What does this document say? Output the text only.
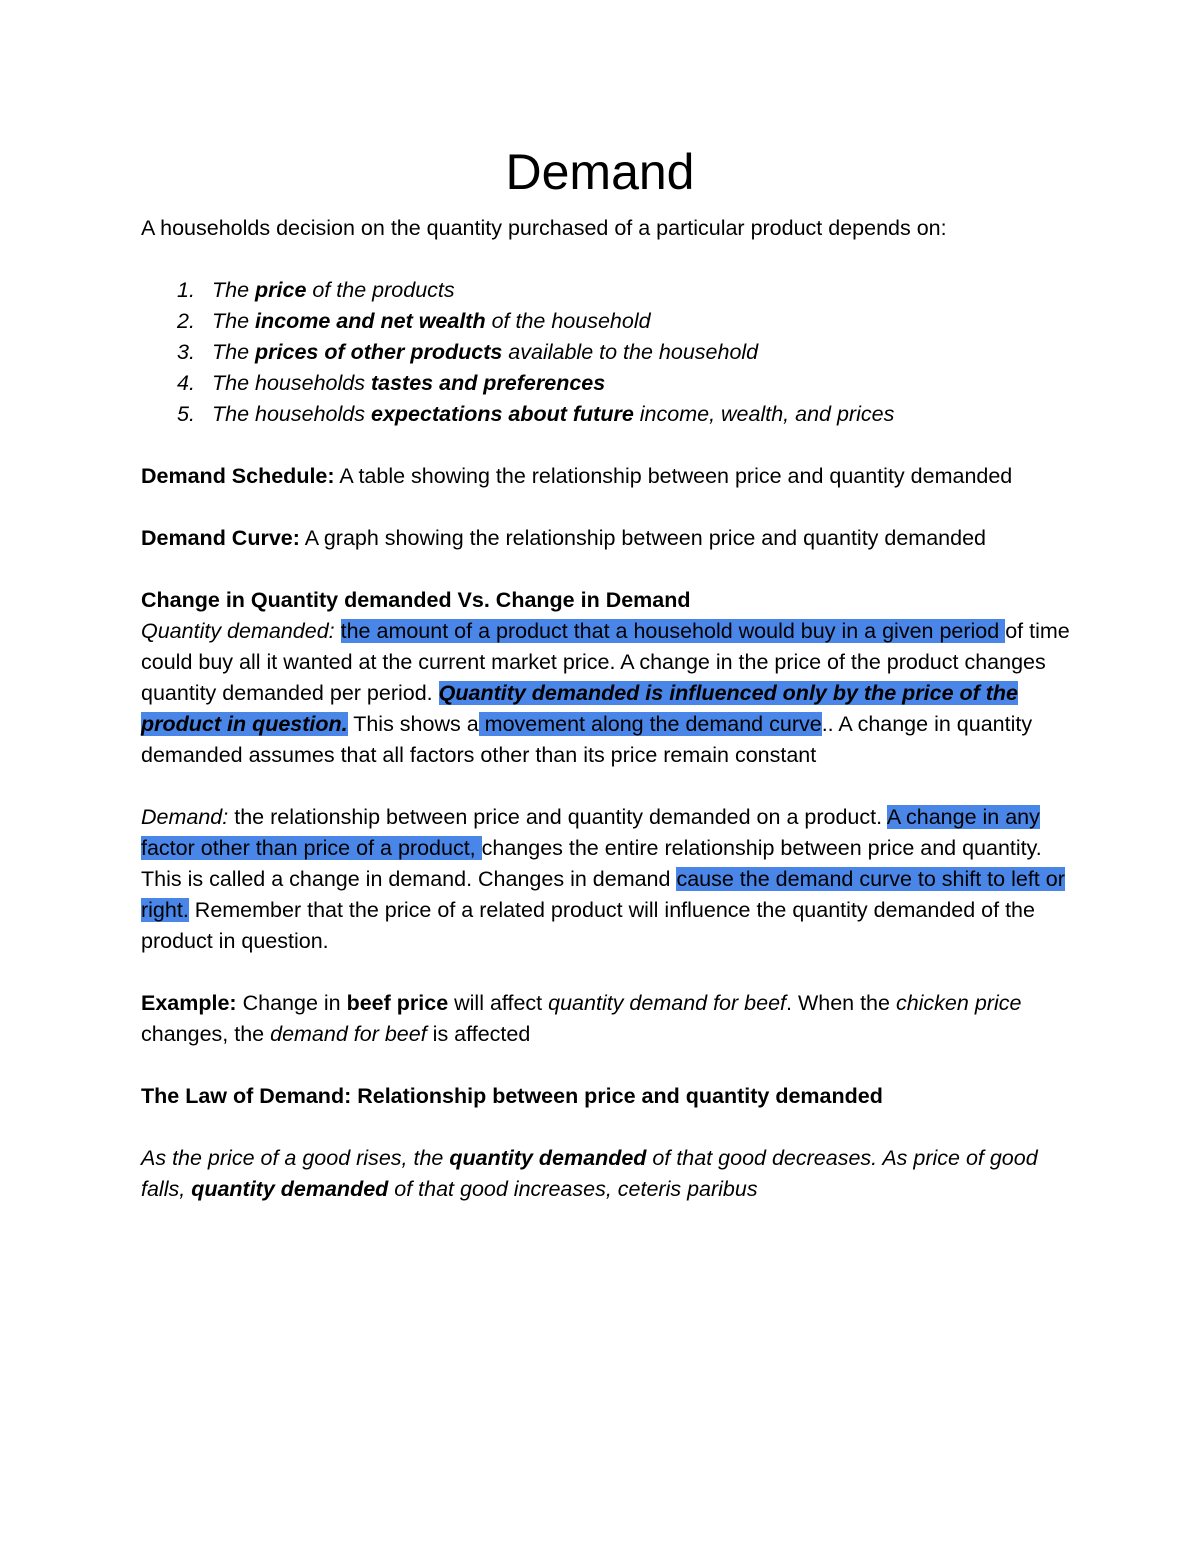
Demand

A households decision on the quantity purchased of a particular product depends on:

1. The price of the products
2. The income and net wealth of the household
3. The prices of other products available to the household
4. The households tastes and preferences
5. The households expectations about future income, wealth, and prices

Demand Schedule: A table showing the relationship between price and quantity demanded

Demand Curve: A graph showing the relationship between price and quantity demanded

Change in Quantity demanded Vs. Change in Demand

Quantity demanded: the amount of a product that a household would buy in a given period of time could buy all it wanted at the current market price. A change in the price of the product changes quantity demanded per period. Quantity demanded is influenced only by the price of the product in question. This shows a movement along the demand curve.. A change in quantity demanded assumes that all factors other than its price remain constant

Demand: the relationship between price and quantity demanded on a product. A change in any factor other than price of a product, changes the entire relationship between price and quantity. This is called a change in demand. Changes in demand cause the demand curve to shift to left or right. Remember that the price of a related product will influence the quantity demanded of the product in question.

Example: Change in beef price will affect quantity demand for beef. When the chicken price changes, the demand for beef is affected

The Law of Demand: Relationship between price and quantity demanded

As the price of a good rises, the quantity demanded of that good decreases. As price of good falls, quantity demanded of that good increases, ceteris paribus
